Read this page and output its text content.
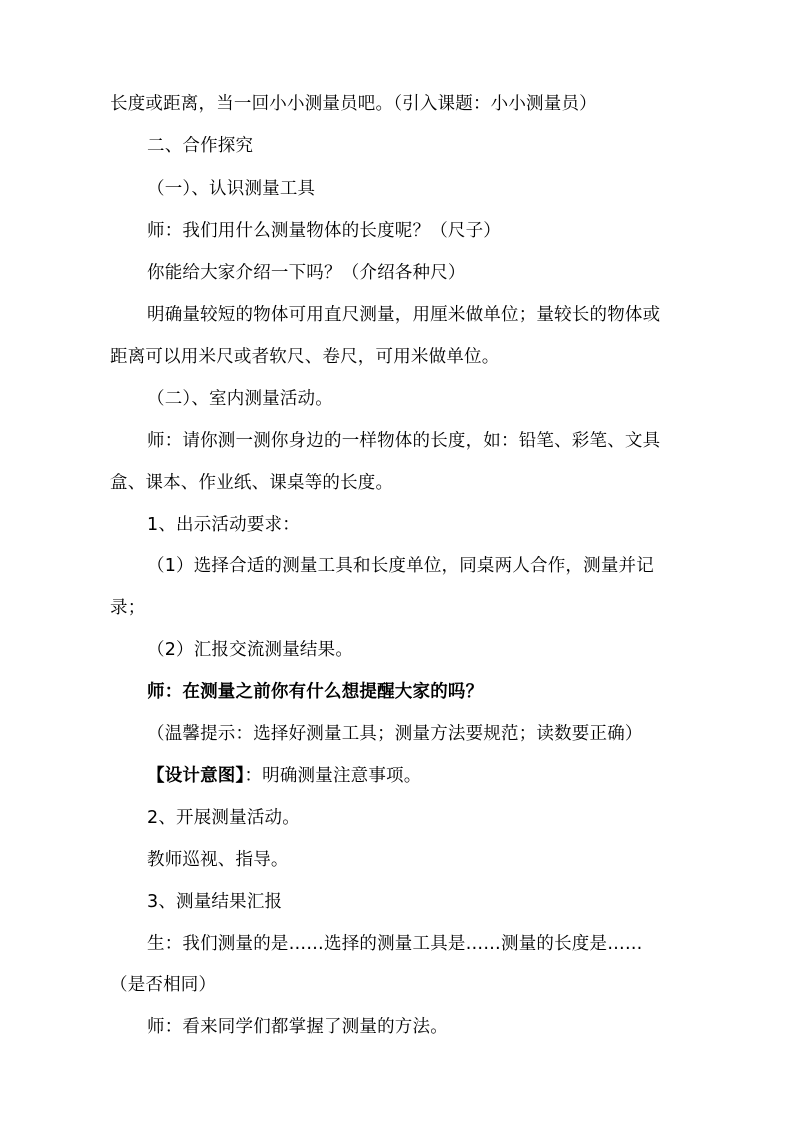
长度或距离，当一回小小测量员吧。（引入课题：小小测量员）
二、合作探究
（一）、认识测量工具
师：我们用什么测量物体的长度呢？（尺子）
你能给大家介绍一下吗？（介绍各种尺）
明确量较短的物体可用直尺测量，用厘米做单位；量较长的物体或
距离可以用米尺或者软尺、卷尺，可用米做单位。
（二）、室内测量活动。
师：请你测一测你身边的一样物体的长度，如：铅笔、彩笔、文具
盒、课本、作业纸、课桌等的长度。
1、出示活动要求：
（1）选择合适的测量工具和长度单位，同桌两人合作，测量并记
录；
（2）汇报交流测量结果。
师：在测量之前你有什么想提醒大家的吗？
（温馨提示：选择好测量工具；测量方法要规范；读数要正确）
【设计意图】：明确测量注意事项。
2、开展测量活动。
教师巡视、指导。
3、测量结果汇报
生：我们测量的是……选择的测量工具是……测量的长度是……
（是否相同）
师：看来同学们都掌握了测量的方法。
